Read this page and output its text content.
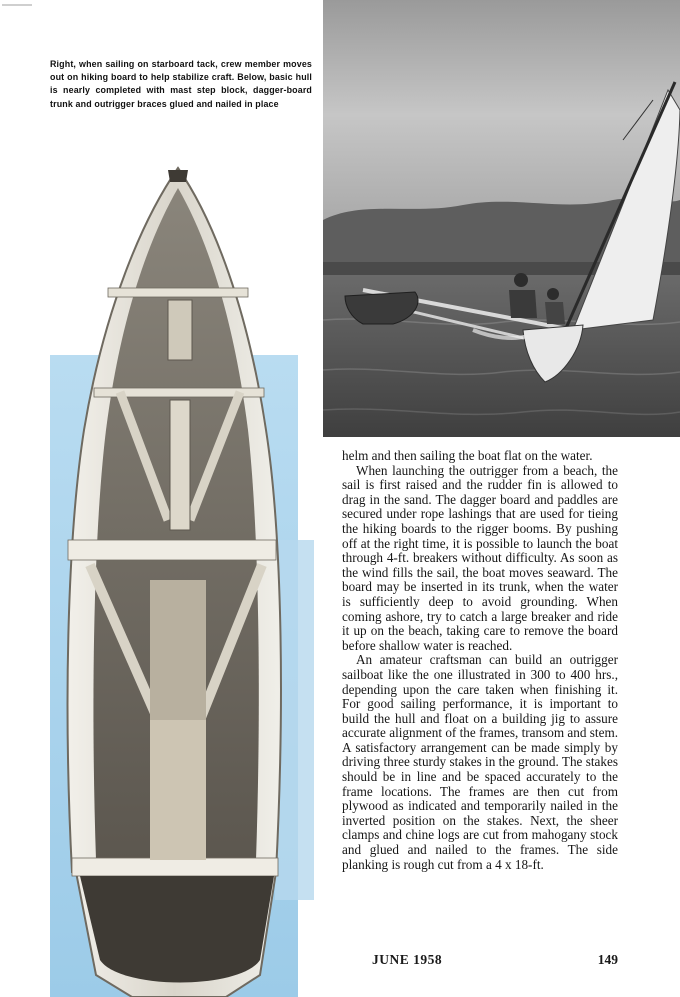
Right, when sailing on starboard tack, crew member moves out on hiking board to help stabilize craft. Below, basic hull is nearly completed with mast step block, dagger-board trunk and outrigger braces glued and nailed in place

helm and then sailing the boat flat on the water.

When launching the outrigger from a beach, the sail is first raised and the rudder fin is allowed to drag in the sand. The dagger board and paddles are secured under rope lashings that are used for tieing the hiking boards to the rigger booms. By pushing off at the right time, it is possible to launch the boat through 4-ft. breakers without difficulty. As soon as the wind fills the sail, the boat moves seaward. The board may be inserted in its trunk, when the water is sufficiently deep to avoid grounding. When coming ashore, try to catch a large breaker and ride it up on the beach, taking care to remove the board before shallow water is reached.

An amateur craftsman can build an outrigger sailboat like the one illustrated in 300 to 400 hrs., depending upon the care taken when finishing it. For good sailing performance, it is important to build the hull and float on a building jig to assure accurate alignment of the frames, transom and stem. A satisfactory arrangement can be made simply by driving three sturdy stakes in the ground. The stakes should be in line and be spaced accurately to the frame locations. The frames are then cut from plywood as indicated and temporarily nailed in the inverted position on the stakes. Next, the sheer clamps and chine logs are cut from mahogany stock and glued and nailed to the frames. The side planking is rough cut from a 4 x 18-ft.

JUNE 1958	149
